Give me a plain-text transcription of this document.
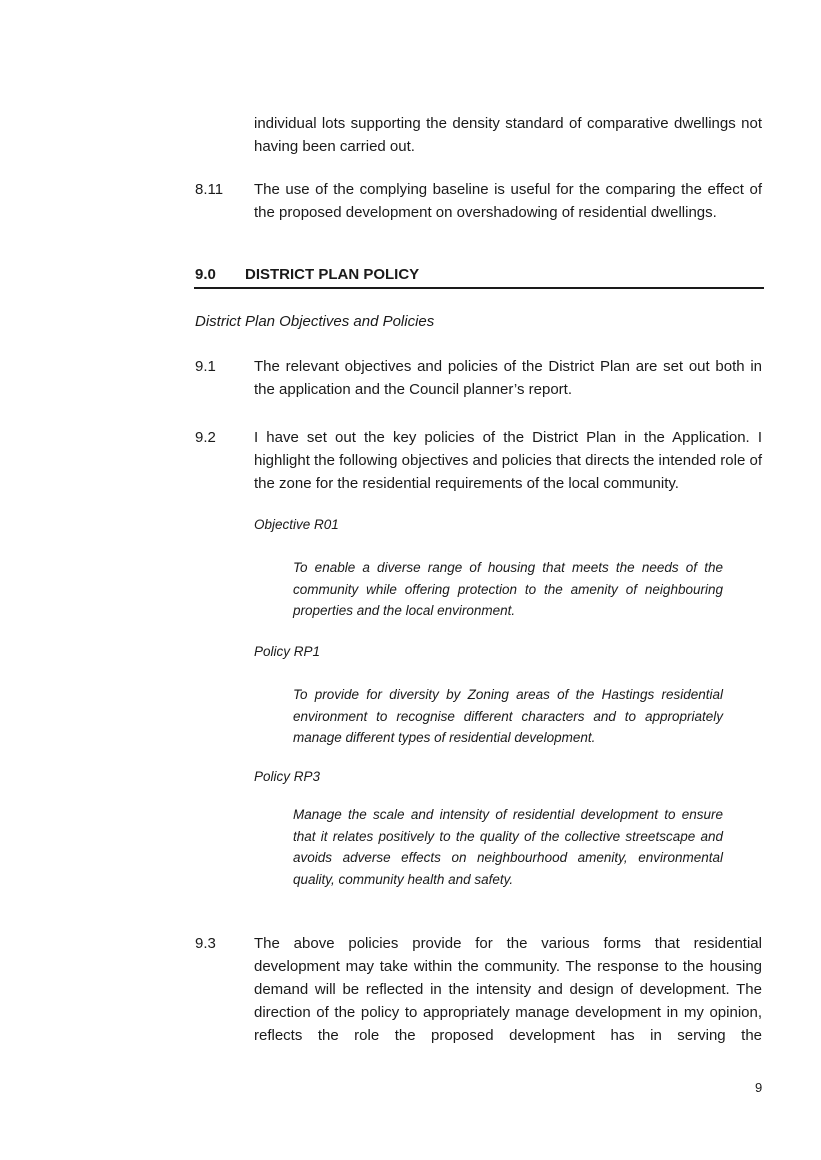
individual lots supporting the density standard of comparative dwellings not having been carried out.
8.11 The use of the complying baseline is useful for the comparing the effect of the proposed development on overshadowing of residential dwellings.
9.0 DISTRICT PLAN POLICY
District Plan Objectives and Policies
9.1	The relevant objectives and policies of the District Plan are set out both in the application and the Council planner’s report.
9.2	I have set out the key policies of the District Plan in the Application. I highlight the following objectives and policies that directs the intended role of the zone for the residential requirements of the local community.
Objective R01
To enable a diverse range of housing that meets the needs of the community while offering protection to the amenity of neighbouring properties and the local environment.
Policy RP1
To provide for diversity by Zoning areas of the Hastings residential environment to recognise different characters and to appropriately manage different types of residential development.
Policy RP3
Manage the scale and intensity of residential development to ensure that it relates positively to the quality of the collective streetscape and avoids adverse effects on neighbourhood amenity, environmental quality, community health and safety.
9.3	The above policies provide for the various forms that residential development may take within the community. The response to the housing demand will be reflected in the intensity and design of development. The direction of the policy to appropriately manage development in my opinion, reflects the role the proposed development has in serving the
9
